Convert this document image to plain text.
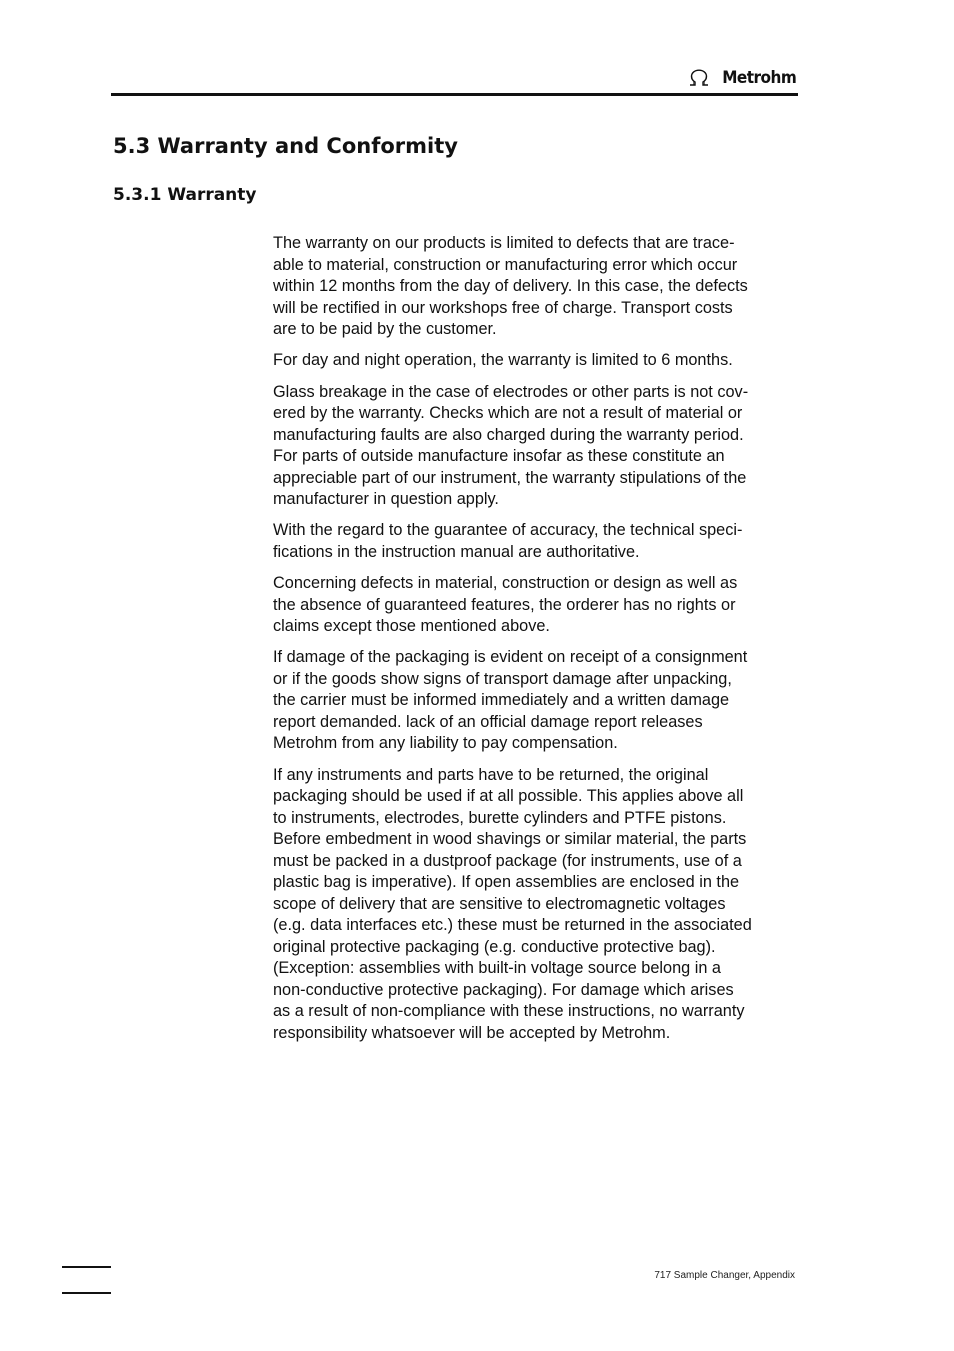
Metrohm
5.3 Warranty and Conformity
5.3.1 Warranty

The warranty on our products is limited to defects that are trace-
able to material, construction or manufacturing error which occur
within 12 months from the day of delivery. In this case, the defects
will be rectified in our workshops free of charge. Transport costs
are to be paid by the customer.

For day and night operation, the warranty is limited to 6 months.

Glass breakage in the case of electrodes or other parts is not cov-
ered by the warranty. Checks which are not a result of material or
manufacturing faults are also charged during the warranty period.
For parts of outside manufacture insofar as these constitute an
appreciable part of our instrument, the warranty stipulations of the
manufacturer in question apply.

With the regard to the guarantee of accuracy, the technical speci-
fications in the instruction manual are authoritative.

Concerning defects in material, construction or design as well as
the absence of guaranteed features, the orderer has no rights or
claims except those mentioned above.

If damage of the packaging is evident on receipt of a consignment
or if the goods show signs of transport damage after unpacking,
the carrier must be informed immediately and a written damage
report demanded. lack of an official damage report releases
Metrohm from any liability to pay compensation.

If any instruments and parts have to be returned, the original
packaging should be used if at all possible. This applies above all
to instruments, electrodes, burette cylinders and PTFE pistons.
Before embedment in wood shavings or similar material, the parts
must be packed in a dustproof package (for instruments, use of a
plastic bag is imperative). If open assemblies are enclosed in the
scope of delivery that are sensitive to electromagnetic voltages
(e.g. data interfaces etc.) these must be returned in the associated
original protective packaging (e.g. conductive protective bag).
(Exception: assemblies with built-in voltage source belong in a
non-conductive protective packaging). For damage which arises
as a result of non-compliance with these instructions, no warranty
responsibility whatsoever will be accepted by Metrohm.

717 Sample Changer, Appendix
